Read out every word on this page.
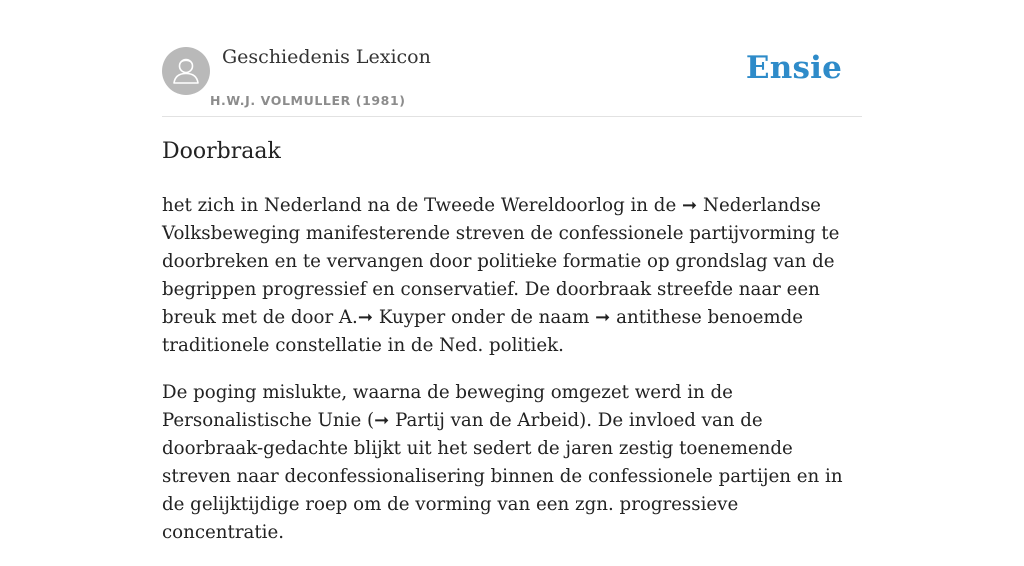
Geschiedenis Lexicon
H.W.J. VOLMULLER (1981)
Ensie
Doorbraak

het zich in Nederland na de Tweede Wereldoorlog in de ➞ Nederlandse Volksbeweging manifesterende streven de confessionele partijvorming te doorbreken en te vervangen door politieke formatie op grondslag van de begrippen progressief en conservatief. De doorbraak streefde naar een breuk met de door A.➞ Kuyper onder de naam ➞ antithese benoemde traditionele constellatie in de Ned. politiek.

De poging mislukte, waarna de beweging omgezet werd in de Personalistische Unie (➞ Partij van de Arbeid). De invloed van de doorbraak-gedachte blijkt uit het sedert de jaren zestig toenemende streven naar deconfessionalisering binnen de confessionele partijen en in de gelijktijdige roep om de vorming van een zgn. progressieve concentratie.
